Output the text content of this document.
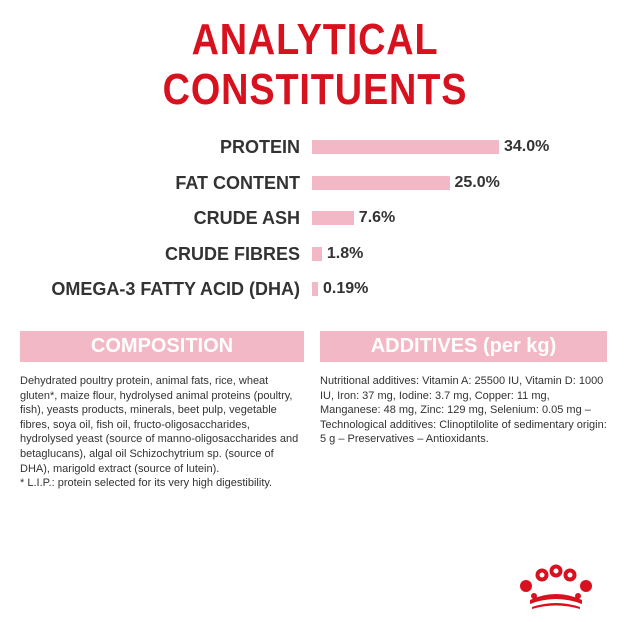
ANALYTICAL
CONSTITUENTS
PROTEIN	34.0%
FAT CONTENT	25.0%
CRUDE ASH	7.6%
CRUDE FIBRES 1.8%
OMEGA-3 FATTY ACID (DHA) 0.19%
COMPOSITION	ADDITIVES (per kg)

Dehydrated poultry protein, animal fats, rice, wheat gluten*, maize flour, hydrolysed animal proteins (poultry, fish), yeasts products, minerals, beet pulp, vegetable fibres, soya oil, fish oil, fructo-oligosaccharides, hydrolysed yeast (source of manno-oligosaccharides and betaglucans), algal oil Schizochytrium sp. (source of DHA), marigold extract (source of lutein).

* L.I.P.: protein selected for its very high digestibility.

Nutritional additives: Vitamin A: 25500 IU, Vitamin D: 1000 IU, Iron: 37 mg, Iodine: 3.7 mg, Copper: 11 mg, Manganese: 48 mg, Zinc: 129 mg, Selenium: 0.05 mg – Technological additives: Clinoptilolite of sedimentary origin: 5 g – Preservatives – Antioxidants.
